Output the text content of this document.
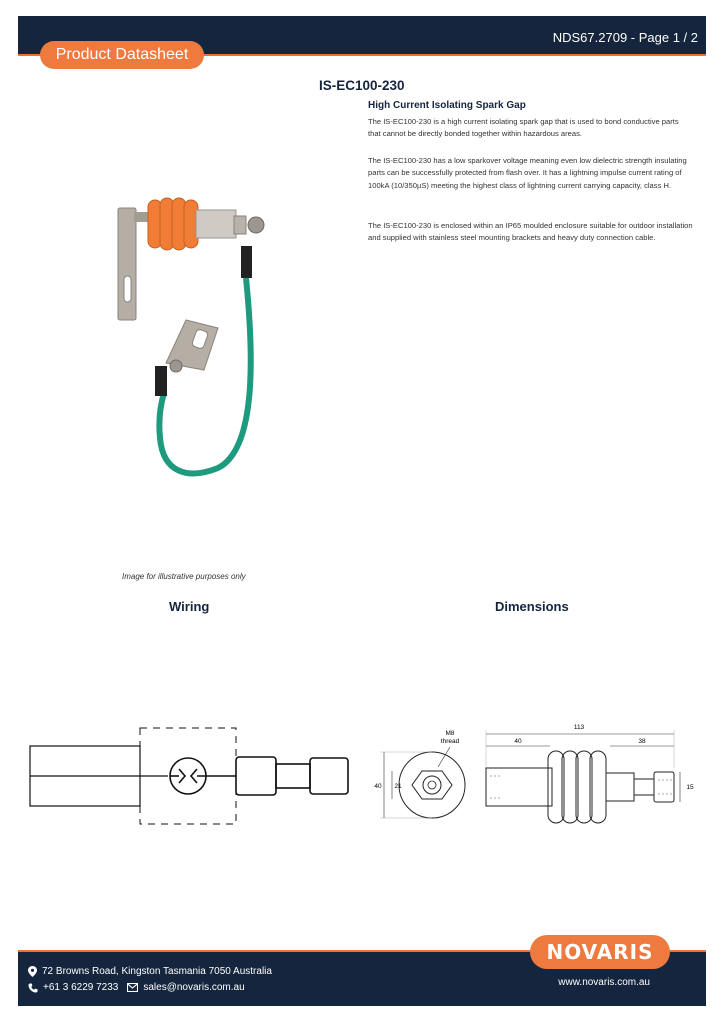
NDS67.2709 - Page 1 / 2
Product Datasheet
IS-EC100-230
High Current Isolating Spark Gap

The IS-EC100-230 is a high current isolating spark gap that is used to bond conductive parts that cannot be directly bonded together within hazardous areas.

The IS-EC100-230 has a low sparkover voltage meaning even low dielectric strength insulating parts can be successfully protected from flash over. It has a lightning impulse current rating of 100kA (10/350µS) meeting the highest class of lightning current carrying capacity, class H.

The IS-EC100-230 is enclosed within an IP65 moulded enclosure suitable for outdoor installation and supplied with stainless steel mounting brackets and heavy duty connection cable.

Image for illustrative purposes only
Wiring	Dimensions
M8
thread
40 21
113
40	38
15
72 Browns Road, Kingston Tasmania 7050 Australia
+61 3 6229 7233	sales@novaris.com.au	www.novaris.com.au
NOVARIS
